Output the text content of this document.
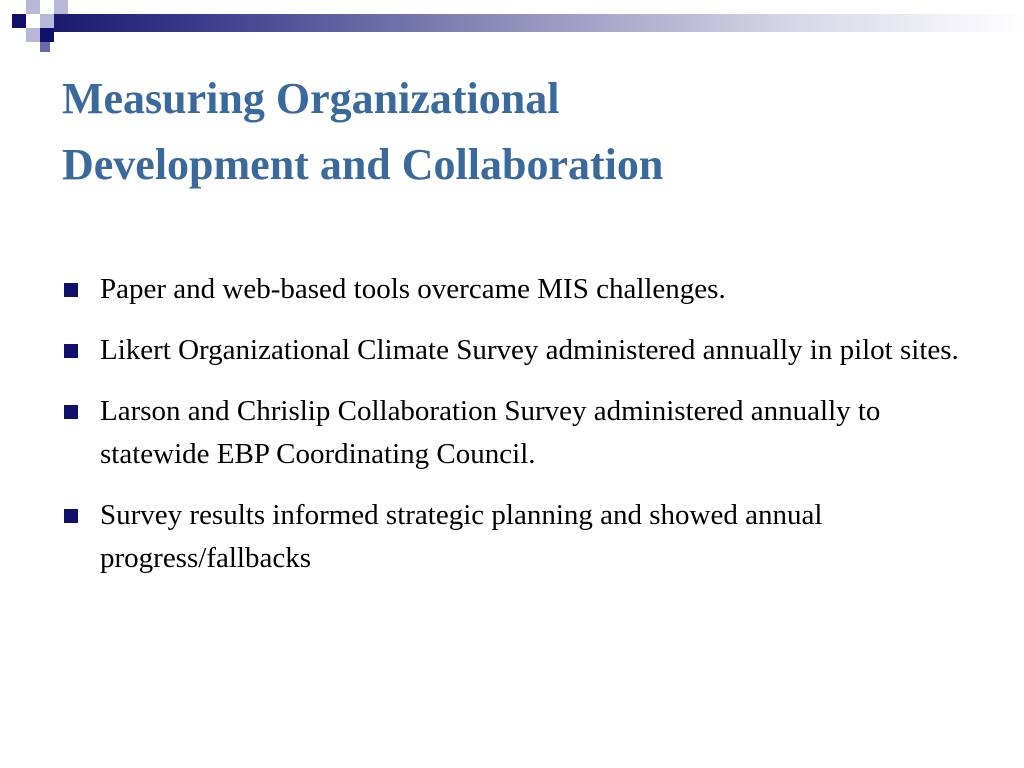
Measuring Organizational
Development and Collaboration
Paper and web-based tools overcame MIS challenges.
Likert Organizational Climate Survey administered annually in pilot sites.
Larson and Chrislip Collaboration Survey administered annually to statewide EBP Coordinating Council.
Survey results informed strategic planning and showed annual progress/fallbacks
